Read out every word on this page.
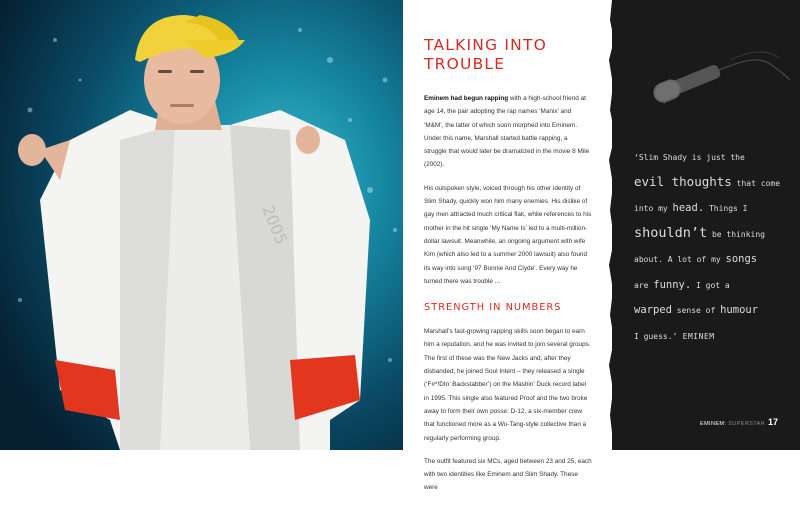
2005
TALKING INTO TROUBLE

Eminem had begun rapping with a high-school friend at age 14, the pair adopting the rap names ‘Manix’ and ‘M&M’, the latter of which soon morphed into Eminem. Under this name, Marshall started battle rapping, a struggle that would later be dramatized in the movie 8 Mile (2002).

His outspoken style, voiced through his other identity of Slim Shady, quickly won him many enemies. His dislike of gay men attracted much critical flak, while references to his mother in the hit single ‘My Name Is’ led to a multi-million-dollar lawsuit. Meanwhile, an ongoing argument with wife Kim (which also led to a summer 2000 lawsuit) also found its way into song ‘97 Bonnie And Clyde’. Every way he turned there was trouble ...

STRENGTH IN NUMBERS

Marshall’s fast-growing rapping skills soon began to earn him a reputation, and he was invited to join several groups. The first of these was the New Jacks and, after they disbanded, he joined Soul Intent – they released a single (‘F#*!Dtn’ Backstabber’) on the Mashin’ Duck record label in 1995. This single also featured Proof and the two broke away to form their own posse: D-12, a six-member crew that functioned more as a Wu-Tang-style collective than a regularly performing group.

The outfit featured six MCs, aged between 23 and 25, each with two identities like Eminem and Slim Shady. These were

‘Slim Shady is just the
evil thoughts that come
into my head. Things I
shouldn’t be thinking
about. A lot of my songs
are funny. I got a
warped sense of humour
I guess.’ EMINEM
EMINEM: SUPERSTAR 17
